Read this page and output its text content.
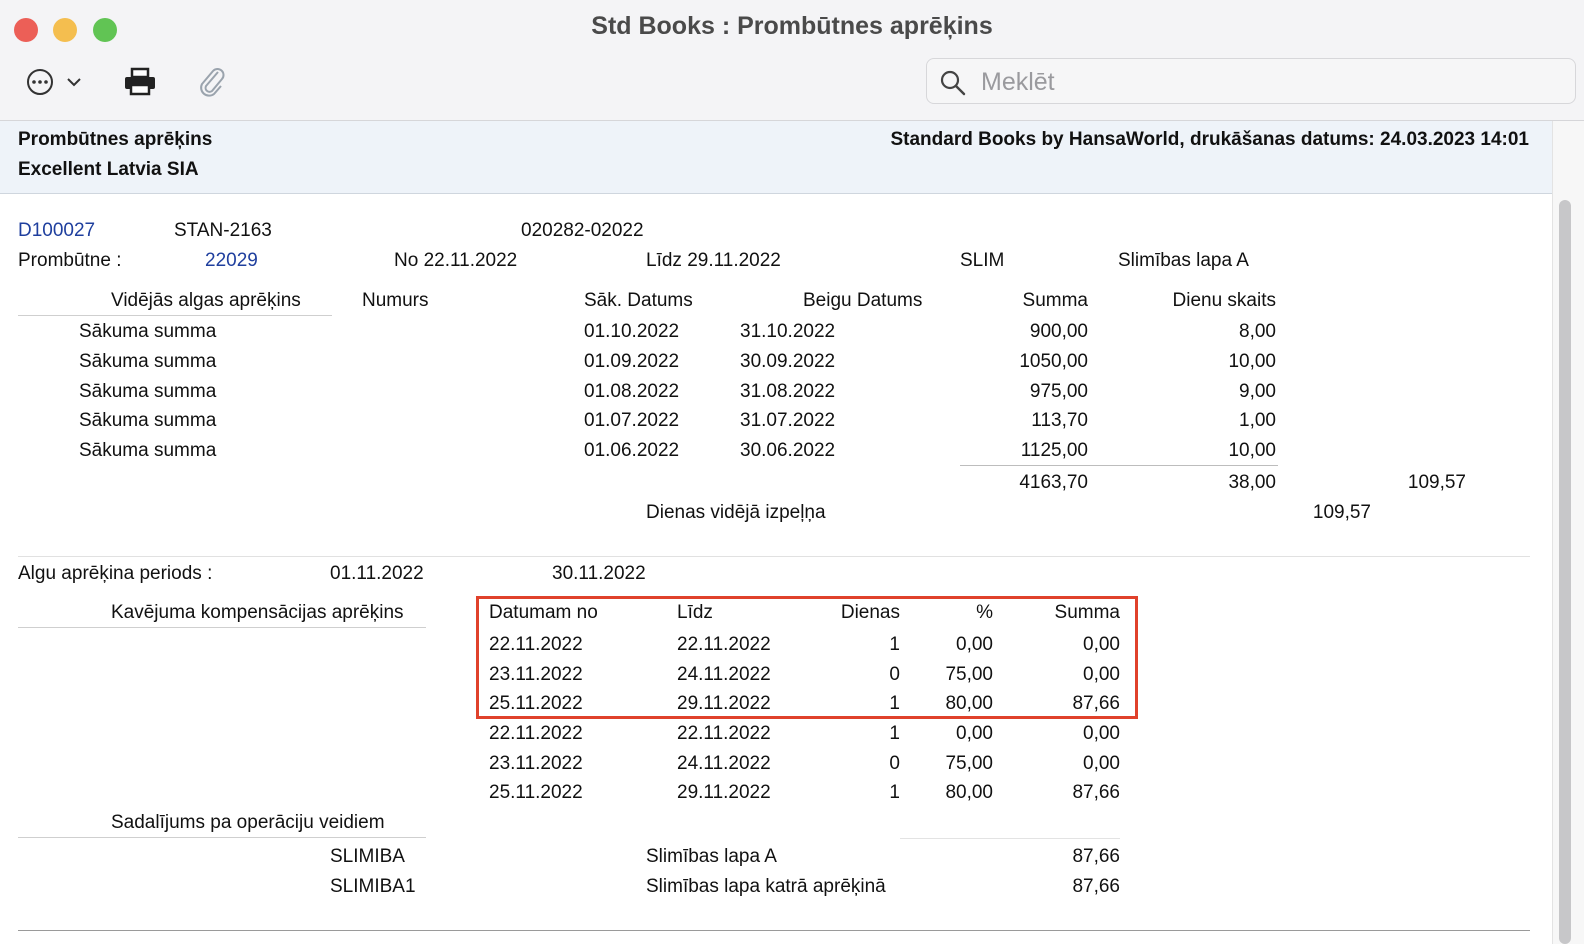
Std Books : Prombūtnes aprēķins
Meklēt
Prombūtnes aprēķins
Excellent Latvia SIA
Standard Books by HansaWorld, drukāšanas datums: 24.03.2023 14:01
D100027	STAN-2163	020282-02022
Prombūtne :	22029	No 22.11.2022	Līdz 29.11.2022	SLIM	Slimības lapa A
Vidējās algas aprēķins	Numurs	Sāk. Datums	Beigu Datums	Summa	Dienu skaits
Sākuma summa	01.10.2022	31.10.2022	900,00	8,00
Sākuma summa	01.09.2022	30.09.2022	1050,00	10,00
Sākuma summa	01.08.2022	31.08.2022	975,00	9,00
Sākuma summa	01.07.2022	31.07.2022	113,70	1,00
Sākuma summa	01.06.2022	30.06.2022	1125,00	10,00
4163,70	38,00	109,57
Dienas vidējā izpeļņa	109,57
Algu aprēķina periods :	01.11.2022	30.11.2022
Kavējuma kompensācijas aprēķins	Datumam no	Līdz	Dienas	%	Summa
22.11.2022	22.11.2022	1	0,00	0,00
23.11.2022	24.11.2022	0	75,00	0,00
25.11.2022	29.11.2022	1	80,00	87,66
22.11.2022	22.11.2022	1	0,00	0,00
23.11.2022	24.11.2022	0	75,00	0,00
25.11.2022	29.11.2022	1	80,00	87,66
Sadalījums pa operāciju veidiem
SLIMIBA	Slimības lapa A	87,66
SLIMIBA1	Slimības lapa katrā aprēķinā	87,66
